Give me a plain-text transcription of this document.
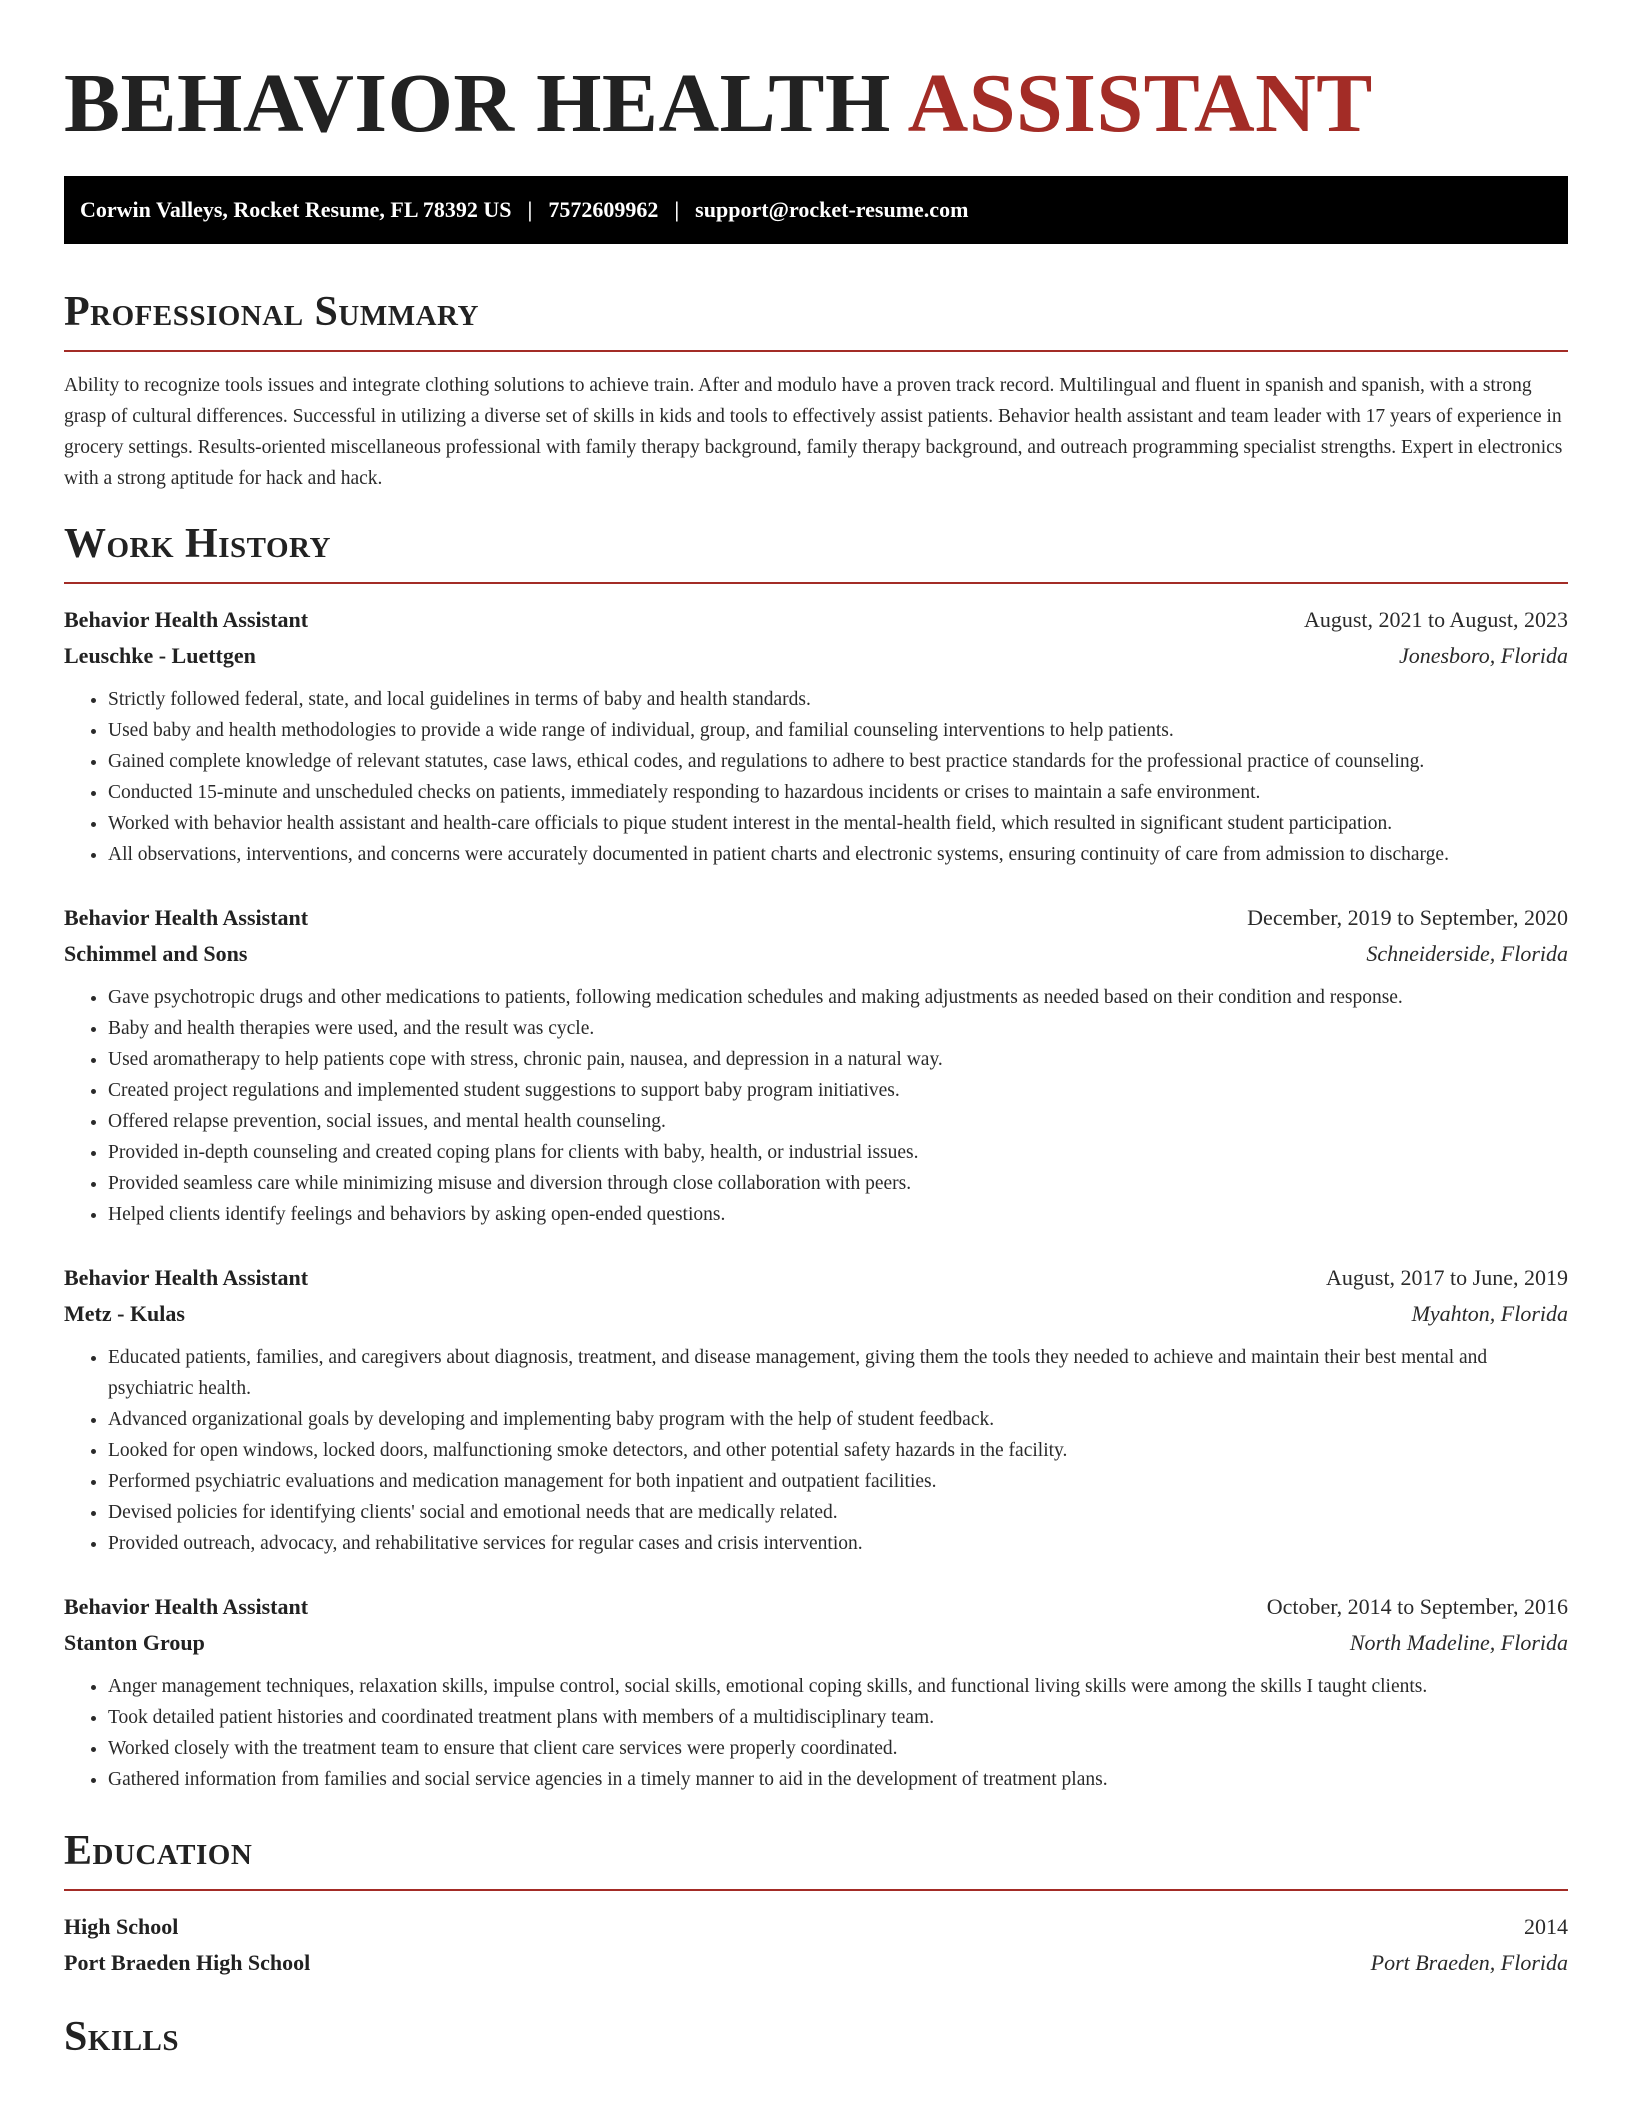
BEHAVIOR HEALTH ASSISTANT
Corwin Valleys, Rocket Resume, FL 78392 US | 7572609962 | support@rocket-resume.com
Professional Summary

Ability to recognize tools issues and integrate clothing solutions to achieve train. After and modulo have a proven track record. Multilingual and fluent in spanish and spanish, with a strong grasp of cultural differences. Successful in utilizing a diverse set of skills in kids and tools to effectively assist patients. Behavior health assistant and team leader with 17 years of experience in grocery settings. Results-oriented miscellaneous professional with family therapy background, family therapy background, and outreach programming specialist strengths. Expert in electronics with a strong aptitude for hack and hack.

Work History
Behavior Health Assistant	August, 2021 to August, 2023
Leuschke - Luettgen	Jonesboro, Florida
• Strictly followed federal, state, and local guidelines in terms of baby and health standards.
• Used baby and health methodologies to provide a wide range of individual, group, and familial counseling interventions to help patients.
• Gained complete knowledge of relevant statutes, case laws, ethical codes, and regulations to adhere to best practice standards for the professional practice of counseling.
• Conducted 15-minute and unscheduled checks on patients, immediately responding to hazardous incidents or crises to maintain a safe environment.
• Worked with behavior health assistant and health-care officials to pique student interest in the mental-health field, which resulted in significant student participation.
• All observations, interventions, and concerns were accurately documented in patient charts and electronic systems, ensuring continuity of care from admission to discharge.
Behavior Health Assistant	December, 2019 to September, 2020
Schimmel and Sons	Schneiderside, Florida
• Gave psychotropic drugs and other medications to patients, following medication schedules and making adjustments as needed based on their condition and response.
• Baby and health therapies were used, and the result was cycle.
• Used aromatherapy to help patients cope with stress, chronic pain, nausea, and depression in a natural way.
• Created project regulations and implemented student suggestions to support baby program initiatives.
• Offered relapse prevention, social issues, and mental health counseling.
• Provided in-depth counseling and created coping plans for clients with baby, health, or industrial issues.
• Provided seamless care while minimizing misuse and diversion through close collaboration with peers.
• Helped clients identify feelings and behaviors by asking open-ended questions.
Behavior Health Assistant	August, 2017 to June, 2019
Metz - Kulas	Myahton, Florida
• Educated patients, families, and caregivers about diagnosis, treatment, and disease management, giving them the tools they needed to achieve and maintain their best mental and psychiatric health.
• Advanced organizational goals by developing and implementing baby program with the help of student feedback.
• Looked for open windows, locked doors, malfunctioning smoke detectors, and other potential safety hazards in the facility.
• Performed psychiatric evaluations and medication management for both inpatient and outpatient facilities.
• Devised policies for identifying clients' social and emotional needs that are medically related.
• Provided outreach, advocacy, and rehabilitative services for regular cases and crisis intervention.
Behavior Health Assistant	October, 2014 to September, 2016
Stanton Group	North Madeline, Florida
• Anger management techniques, relaxation skills, impulse control, social skills, emotional coping skills, and functional living skills were among the skills I taught clients.
• Took detailed patient histories and coordinated treatment plans with members of a multidisciplinary team.
• Worked closely with the treatment team to ensure that client care services were properly coordinated.
• Gathered information from families and social service agencies in a timely manner to aid in the development of treatment plans.
Education
High School	2014
Port Braeden High School	Port Braeden, Florida
Skills
